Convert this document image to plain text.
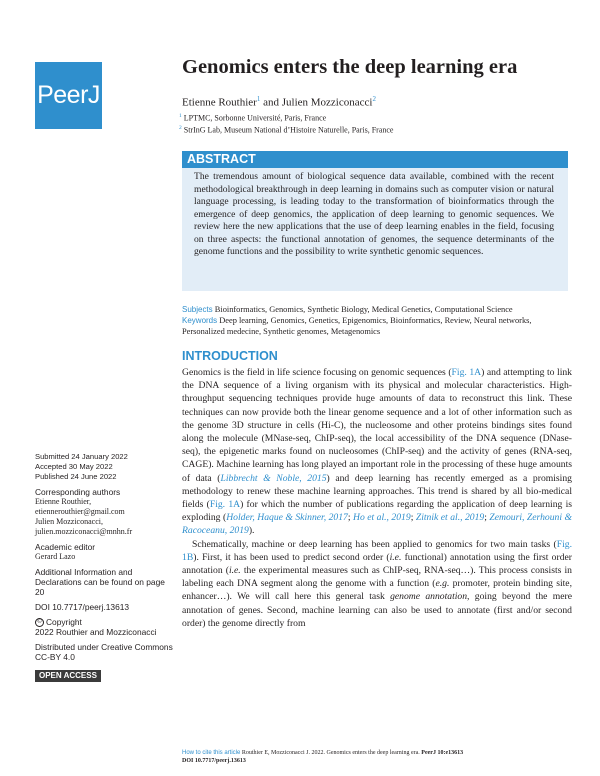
PeerJ
Genomics enters the deep learning era
Etienne Routhier$^1$ and Julien Mozziconacci$^2$
$^1$ LPTMC, Sorbonne Université, Paris, France
$^2$ StrInG Lab, Museum National d’Histoire Naturelle, Paris, France
ABSTRACT

The tremendous amount of biological sequence data available, combined with the recent methodological breakthrough in deep learning in domains such as computer vision or natural language processing, is leading today to the transformation of bioinformatics through the emergence of deep genomics, the application of deep learning to genomic sequences. We review here the new applications that the use of deep learning enables in the field, focusing on three aspects: the functional annotation of genomes, the sequence determinants of the genome functions and the possibility to write synthetic genomic sequences.

Subjects Bioinformatics, Genomics, Synthetic Biology, Medical Genetics, Computational Science
Keywords Deep learning, Genomics, Genetics, Epigenomics, Bioinformatics, Review, Neural networks, Personalized medecine, Synthetic genomes, Metagenomics
INTRODUCTION

Genomics is the field in life science focusing on genomic sequences (Fig. 1A) and attempting to link the DNA sequence of a living organism with its physical and molecular characteristics. High-throughput sequencing techniques provide huge amounts of data to reconstruct this link. These techniques can now provide both the linear genome sequence and a lot of other information such as the genome 3D structure in cells (Hi-C), the nucleosome and other proteins bindings sites found along the molecule (MNase-seq, ChIP-seq), the local accessibility of the DNA sequence (DNase-seq), the epigenetic marks found on nucleosomes (ChIP-seq) and the activity of genes (RNA-seq, CAGE). Machine learning has long played an important role in the processing of these huge amounts of data (Libbrecht & Noble, 2015) and deep learning has recently emerged as a promising methodology to renew these machine learning approaches. This trend is shared by all bio-medical fields (Fig. 1A) for which the number of publications regarding the application of deep learning is exploding (Holder, Haque & Skinner, 2017; Ho et al., 2019; Zitnik et al., 2019; Zemouri, Zerhouni & Racoceanu, 2019).

Schematically, machine or deep learning has been applied to genomics for two main tasks (Fig. 1B). First, it has been used to predict second order (i.e. functional) annotation using the first order annotation (i.e. the experimental measures such as ChIP-seq, RNA-seq…). This process consists in labeling each DNA segment along the genome with a function (e.g. promoter, protein binding site, enhancer…). We will call here this general task genome annotation, going beyond the mere annotation of genes. Second, machine learning can also be used to annotate (first and/or second order) the genome directly from

Submitted 24 January 2022
Accepted 30 May 2022
Published 24 June 2022
Corresponding authors
Etienne Routhier,
etiennerouthier@gmail.com
Julien Mozziconacci,
julien.mozziconacci@mnhn.fr
Academic editor
Gerard Lazo
Additional Information and Declarations can be found on page 20
DOI 10.7717/peerj.13613
© Copyright
2022 Routhier and Mozziconacci
Distributed under Creative Commons CC-BY 4.0
OPEN ACCESS
How to cite this article Routhier E, Mozziconacci J. 2022. Genomics enters the deep learning era. PeerJ 10:e13613
DOI 10.7717/peerj.13613
